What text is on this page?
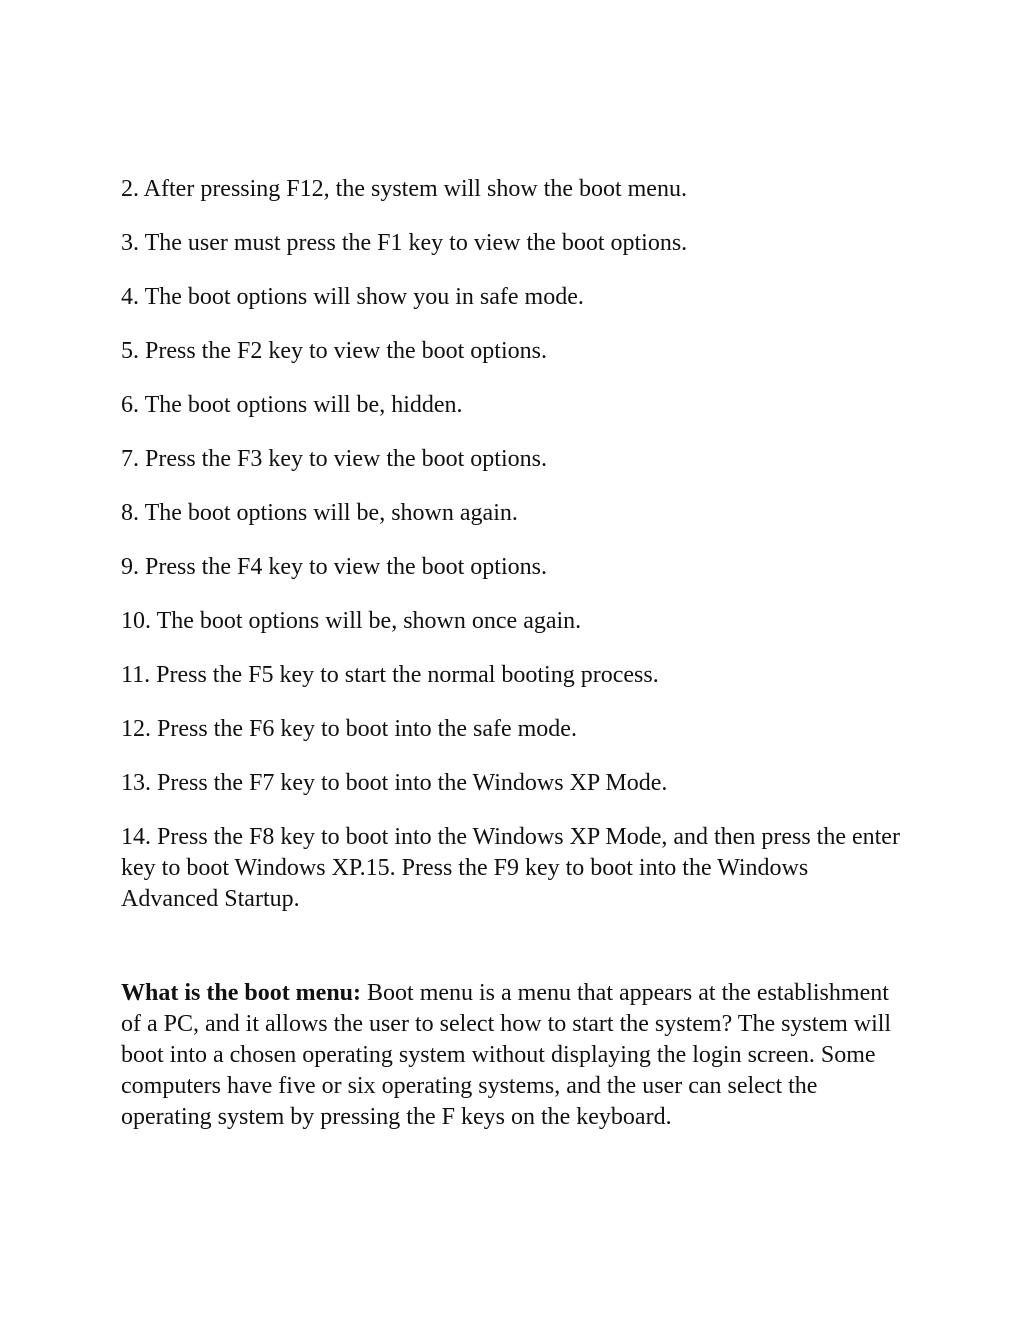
2. After pressing F12, the system will show the boot menu.

3. The user must press the F1 key to view the boot options.

4. The boot options will show you in safe mode.

5. Press the F2 key to view the boot options.

6. The boot options will be, hidden.

7. Press the F3 key to view the boot options.

8. The boot options will be, shown again.

9. Press the F4 key to view the boot options.

10. The boot options will be, shown once again.

11. Press the F5 key to start the normal booting process.

12. Press the F6 key to boot into the safe mode.

13. Press the F7 key to boot into the Windows XP Mode.

14. Press the F8 key to boot into the Windows XP Mode, and then press the enter key to boot Windows XP.15. Press the F9 key to boot into the Windows Advanced Startup.

What is the boot menu: Boot menu is a menu that appears at the establishment of a PC, and it allows the user to select how to start the system? The system will boot into a chosen operating system without displaying the login screen. Some computers have five or six operating systems, and the user can select the operating system by pressing the F keys on the keyboard.
